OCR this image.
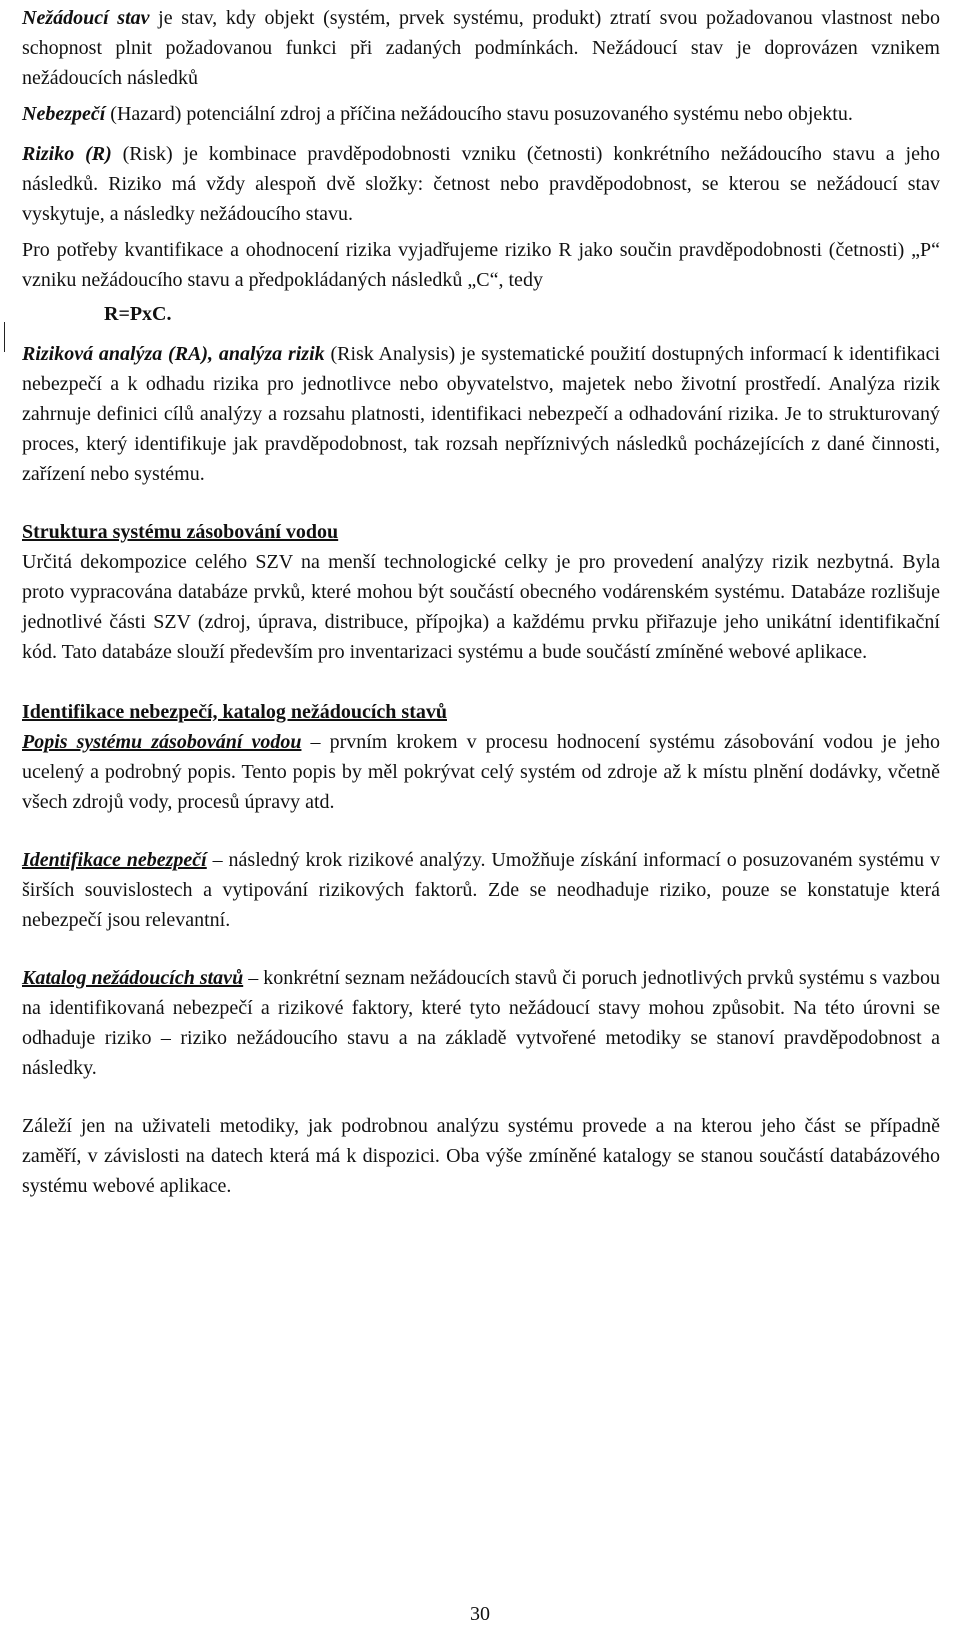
Nežádoucí stav je stav, kdy objekt (systém, prvek systému, produkt) ztratí svou požadovanou vlastnost nebo schopnost plnit požadovanou funkci při zadaných podmínkách. Nežádoucí stav je doprovázen vznikem nežádoucích následků

Nebezpečí (Hazard) potenciální zdroj a příčina nežádoucího stavu posuzovaného systému nebo objektu.

Riziko (R) (Risk) je kombinace pravděpodobnosti vzniku (četnosti) konkrétního nežádoucího stavu a jeho následků. Riziko má vždy alespoň dvě složky: četnost nebo pravděpodobnost, se kterou se nežádoucí stav vyskytuje, a následky nežádoucího stavu.

Pro potřeby kvantifikace a ohodnocení rizika vyjadřujeme riziko R jako součin pravděpodobnosti (četnosti) „P“ vzniku nežádoucího stavu a předpokládaných následků „C“, tedy

R=PxC.

Riziková analýza (RA), analýza rizik (Risk Analysis) je systematické použití dostupných informací k identifikaci nebezpečí a k odhadu rizika pro jednotlivce nebo obyvatelstvo, majetek nebo životní prostředí. Analýza rizik zahrnuje definici cílů analýzy a rozsahu platnosti, identifikaci nebezpečí a odhadování rizika. Je to strukturovaný proces, který identifikuje jak pravděpodobnost, tak rozsah nepříznivých následků pocházejících z dané činnosti, zařízení nebo systému.

Struktura systému zásobování vodou

Určitá dekompozice celého SZV na menší technologické celky je pro provedení analýzy rizik nezbytná. Byla proto vypracována databáze prvků, které mohou být součástí obecného vodárenském systému. Databáze rozlišuje jednotlivé části SZV (zdroj, úprava, distribuce, přípojka) a každému prvku přiřazuje jeho unikátní identifikační kód. Tato databáze slouží především pro inventarizaci systému a bude součástí zmíněné webové aplikace.

Identifikace nebezpečí, katalog nežádoucích stavů

Popis systému zásobování vodou – prvním krokem v procesu hodnocení systému zásobování vodou je jeho ucelený a podrobný popis. Tento popis by měl pokrývat celý systém od zdroje až k místu plnění dodávky, včetně všech zdrojů vody, procesů úpravy atd.

Identifikace nebezpečí – následný krok rizikové analýzy. Umožňuje získání informací o posuzovaném systému v širších souvislostech a vytipování rizikových faktorů. Zde se neodhaduje riziko, pouze se konstatuje která nebezpečí jsou relevantní.

Katalog nežádoucích stavů – konkrétní seznam nežádoucích stavů či poruch jednotlivých prvků systému s vazbou na identifikovaná nebezpečí a rizikové faktory, které tyto nežádoucí stavy mohou způsobit. Na této úrovni se odhaduje riziko – riziko nežádoucího stavu a na základě vytvořené metodiky se stanoví pravděpodobnost a následky.

Záleží jen na uživateli metodiky, jak podrobnou analýzu systému provede a na kterou jeho část se případně zaměří, v závislosti na datech která má k dispozici. Oba výše zmíněné katalogy se stanou součástí databázového systému webové aplikace.

30
